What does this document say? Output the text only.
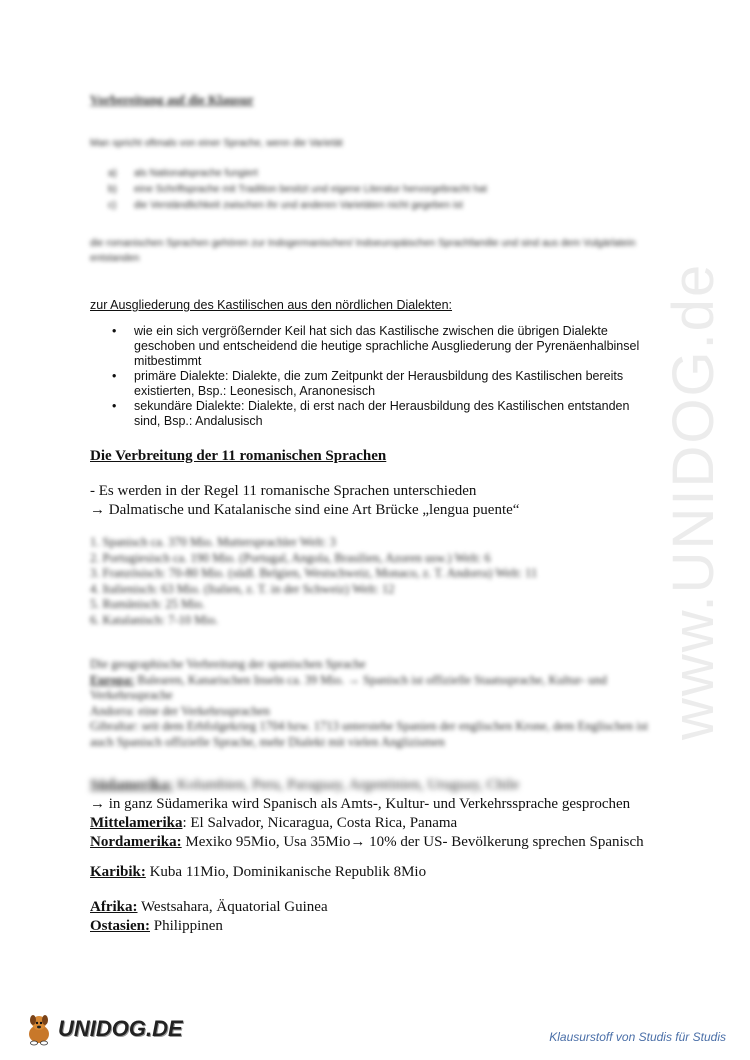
Vorbereitung auf die Klausur
Man spricht oftmals von einer Sprache, wenn die Varietät
a) als Nationalsprache fungiert
b) eine Schriftsprache mit Tradition besitzt und eigene Literatur hervorgebracht hat
c) die Verständlichkeit zwischen ihr und anderen Varietäten nicht gegeben ist
die romanischen Sprachen gehören zur Indogermanischen/ Indoeuropäischen Sprachfamilie und sind aus dem Vulgärlatein entstanden
zur Ausgliederung des Kastilischen aus den nördlichen Dialekten:
• wie ein sich vergrößernder Keil hat sich das Kastilische zwischen die übrigen Dialekte geschoben und entscheidend die heutige sprachliche Ausgliederung der Pyrenäenhalbinsel mitbestimmt
• primäre Dialekte: Dialekte, die zum Zeitpunkt der Herausbildung des Kastilischen bereits existierten, Bsp.: Leonesisch, Aranonesisch
• sekundäre Dialekte: Dialekte, di erst nach der Herausbildung des Kastilischen entstanden sind, Bsp.: Andalusisch
Die Verbreitung der 11 romanischen Sprachen
- Es werden in der Regel 11 romanische Sprachen unterschieden
→ Dalmatische und Katalanische sind eine Art Brücke „lengua puente“
1. Spanisch ca. 370 Mio. Muttersprachler Welt: 3
2. Portugiesisch ca. 190 Mio. (Portugal, Angola, Brasilien, Azoren usw.) Welt: 6
3. Französisch: 70-80 Mio. (südl. Belgien, Westschweiz, Monaco, z. T. Andorra) Welt: 11
4. Italienisch: 63 Mio. (Italien, z. T. in der Schweiz) Welt: 12
5. Rumänisch: 25 Mio.
6. Katalanisch: 7-10 Mio.
Die geographische Verbreitung der spanischen Sprache
Europa: Balearen, Kanarischen Inseln ca. 39 Mio. → Spanisch ist offizielle Staatssprache, Kultur- und Verkehrssprache
Andorra: eine der Verkehrssprachen
Gibraltar: seit dem Erbfolgekrieg 1704 bzw. 1713 unterstehe Spanien der englischen Krone, dem Englischen ist auch Spanisch offizielle Sprache, mehr Dialekt mit vielen Anglizismen
Südamerika: Kolumbien, Peru, Paraguay, Argentinien, Uruguay, Chile
→ in ganz Südamerika wird Spanisch als Amts-, Kultur- und Verkehrssprache gesprochen
Mittelamerika: El Salvador, Nicaragua, Costa Rica, Panama
Nordamerika: Mexiko 95Mio, Usa 35Mio→ 10% der US- Bevölkerung sprechen Spanisch
Karibik: Kuba 11Mio, Dominikanische Republik 8Mio
Afrika: Westsahara, Äquatorial Guinea
Ostasien: Philippinen
www.UNIDOG.de
UNIDOG.DE	Klausurstoff von Studis für Studis
